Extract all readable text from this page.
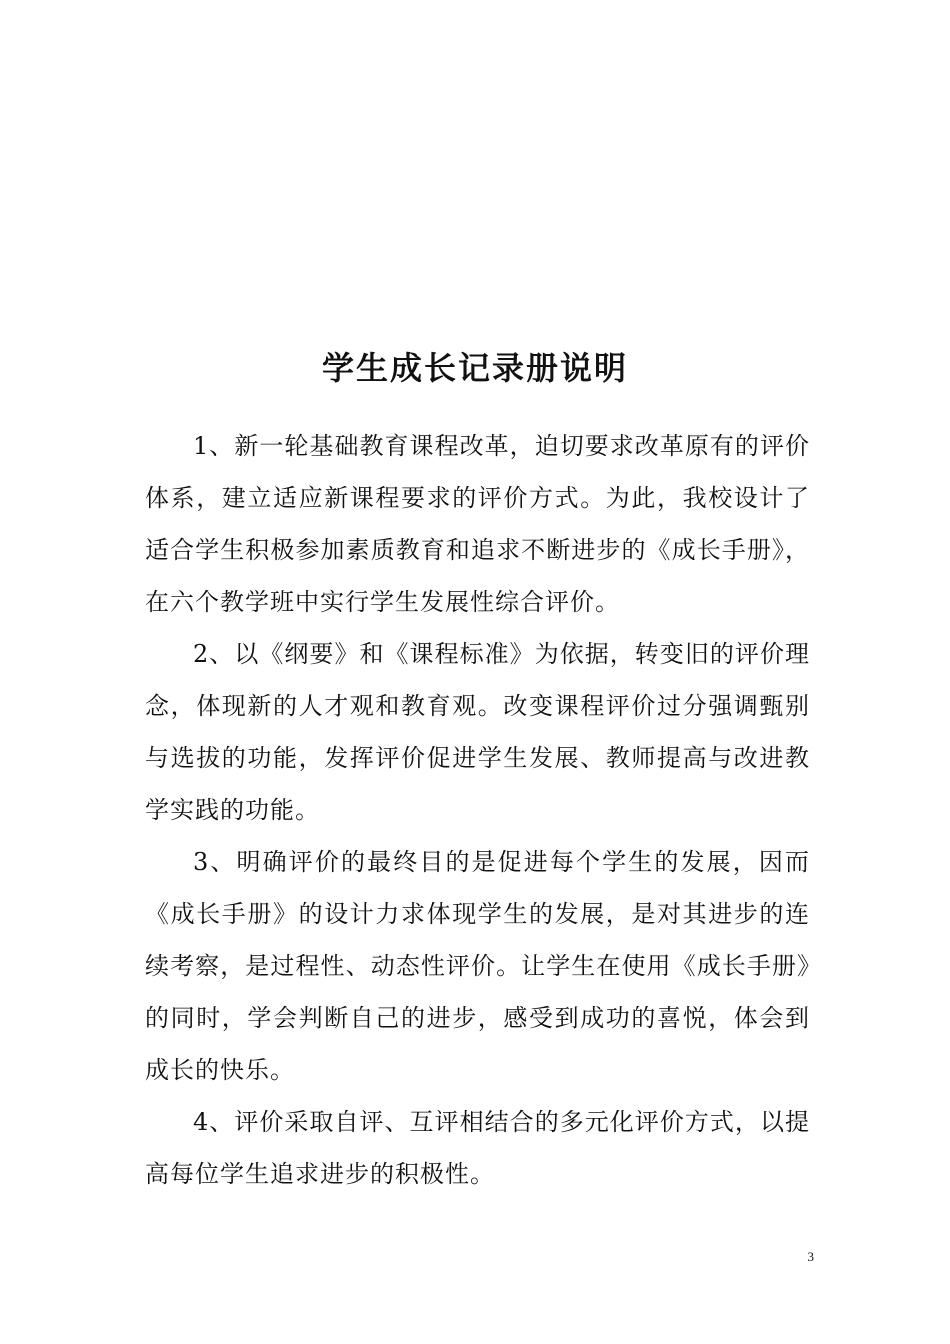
学生成长记录册说明

1、新一轮基础教育课程改革，迫切要求改革原有的评价体系，建立适应新课程要求的评价方式。为此，我校设计了适合学生积极参加素质教育和追求不断进步的《成长手册》，在六个教学班中实行学生发展性综合评价。

2、以《纲要》和《课程标准》为依据，转变旧的评价理念，体现新的人才观和教育观。改变课程评价过分强调甄别与选拔的功能，发挥评价促进学生发展、教师提高与改进教学实践的功能。

3、明确评价的最终目的是促进每个学生的发展，因而《成长手册》的设计力求体现学生的发展，是对其进步的连续考察，是过程性、动态性评价。让学生在使用《成长手册》的同时，学会判断自己的进步，感受到成功的喜悦，体会到成长的快乐。

4、评价采取自评、互评相结合的多元化评价方式，以提高每位学生追求进步的积极性。

3
